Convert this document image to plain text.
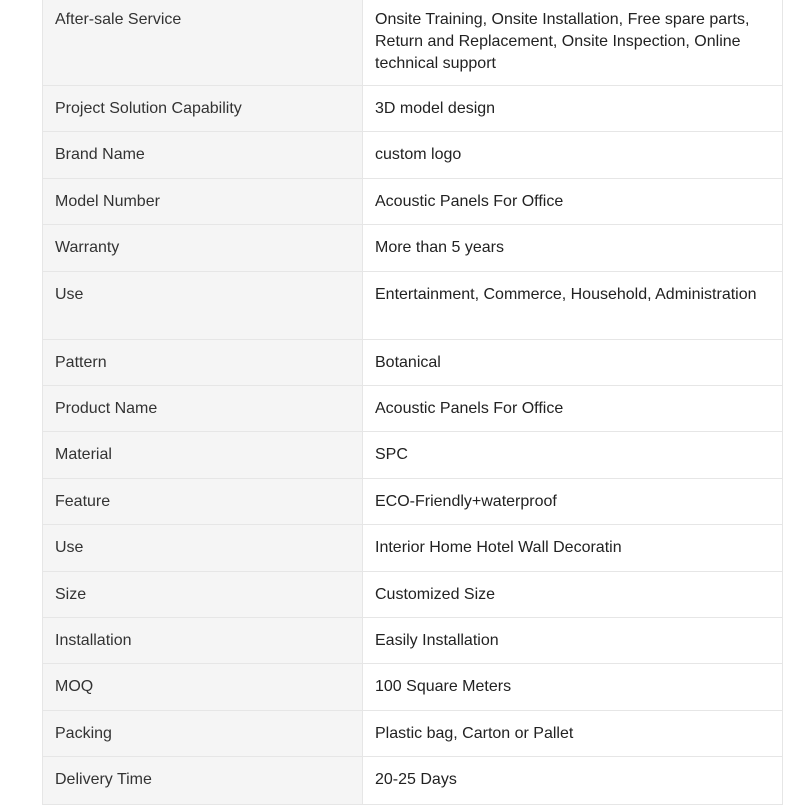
After-sale Service	Onsite Training, Onsite Installation, Free spare parts, Return and Replacement, Onsite Inspection, Online technical support
Project Solution Capability	3D model design
Brand Name	custom logo
Model Number	Acoustic Panels For Office
Warranty	More than 5 years
Use	Entertainment, Commerce, Household, Administration
Pattern	Botanical
Product Name	Acoustic Panels For Office
Material	SPC
Feature	ECO-Friendly+waterproof
Use	Interior Home Hotel Wall Decoratin
Size	Customized Size
Installation	Easily Installation
MOQ	100 Square Meters
Packing	Plastic bag, Carton or Pallet
Delivery Time	20-25 Days
